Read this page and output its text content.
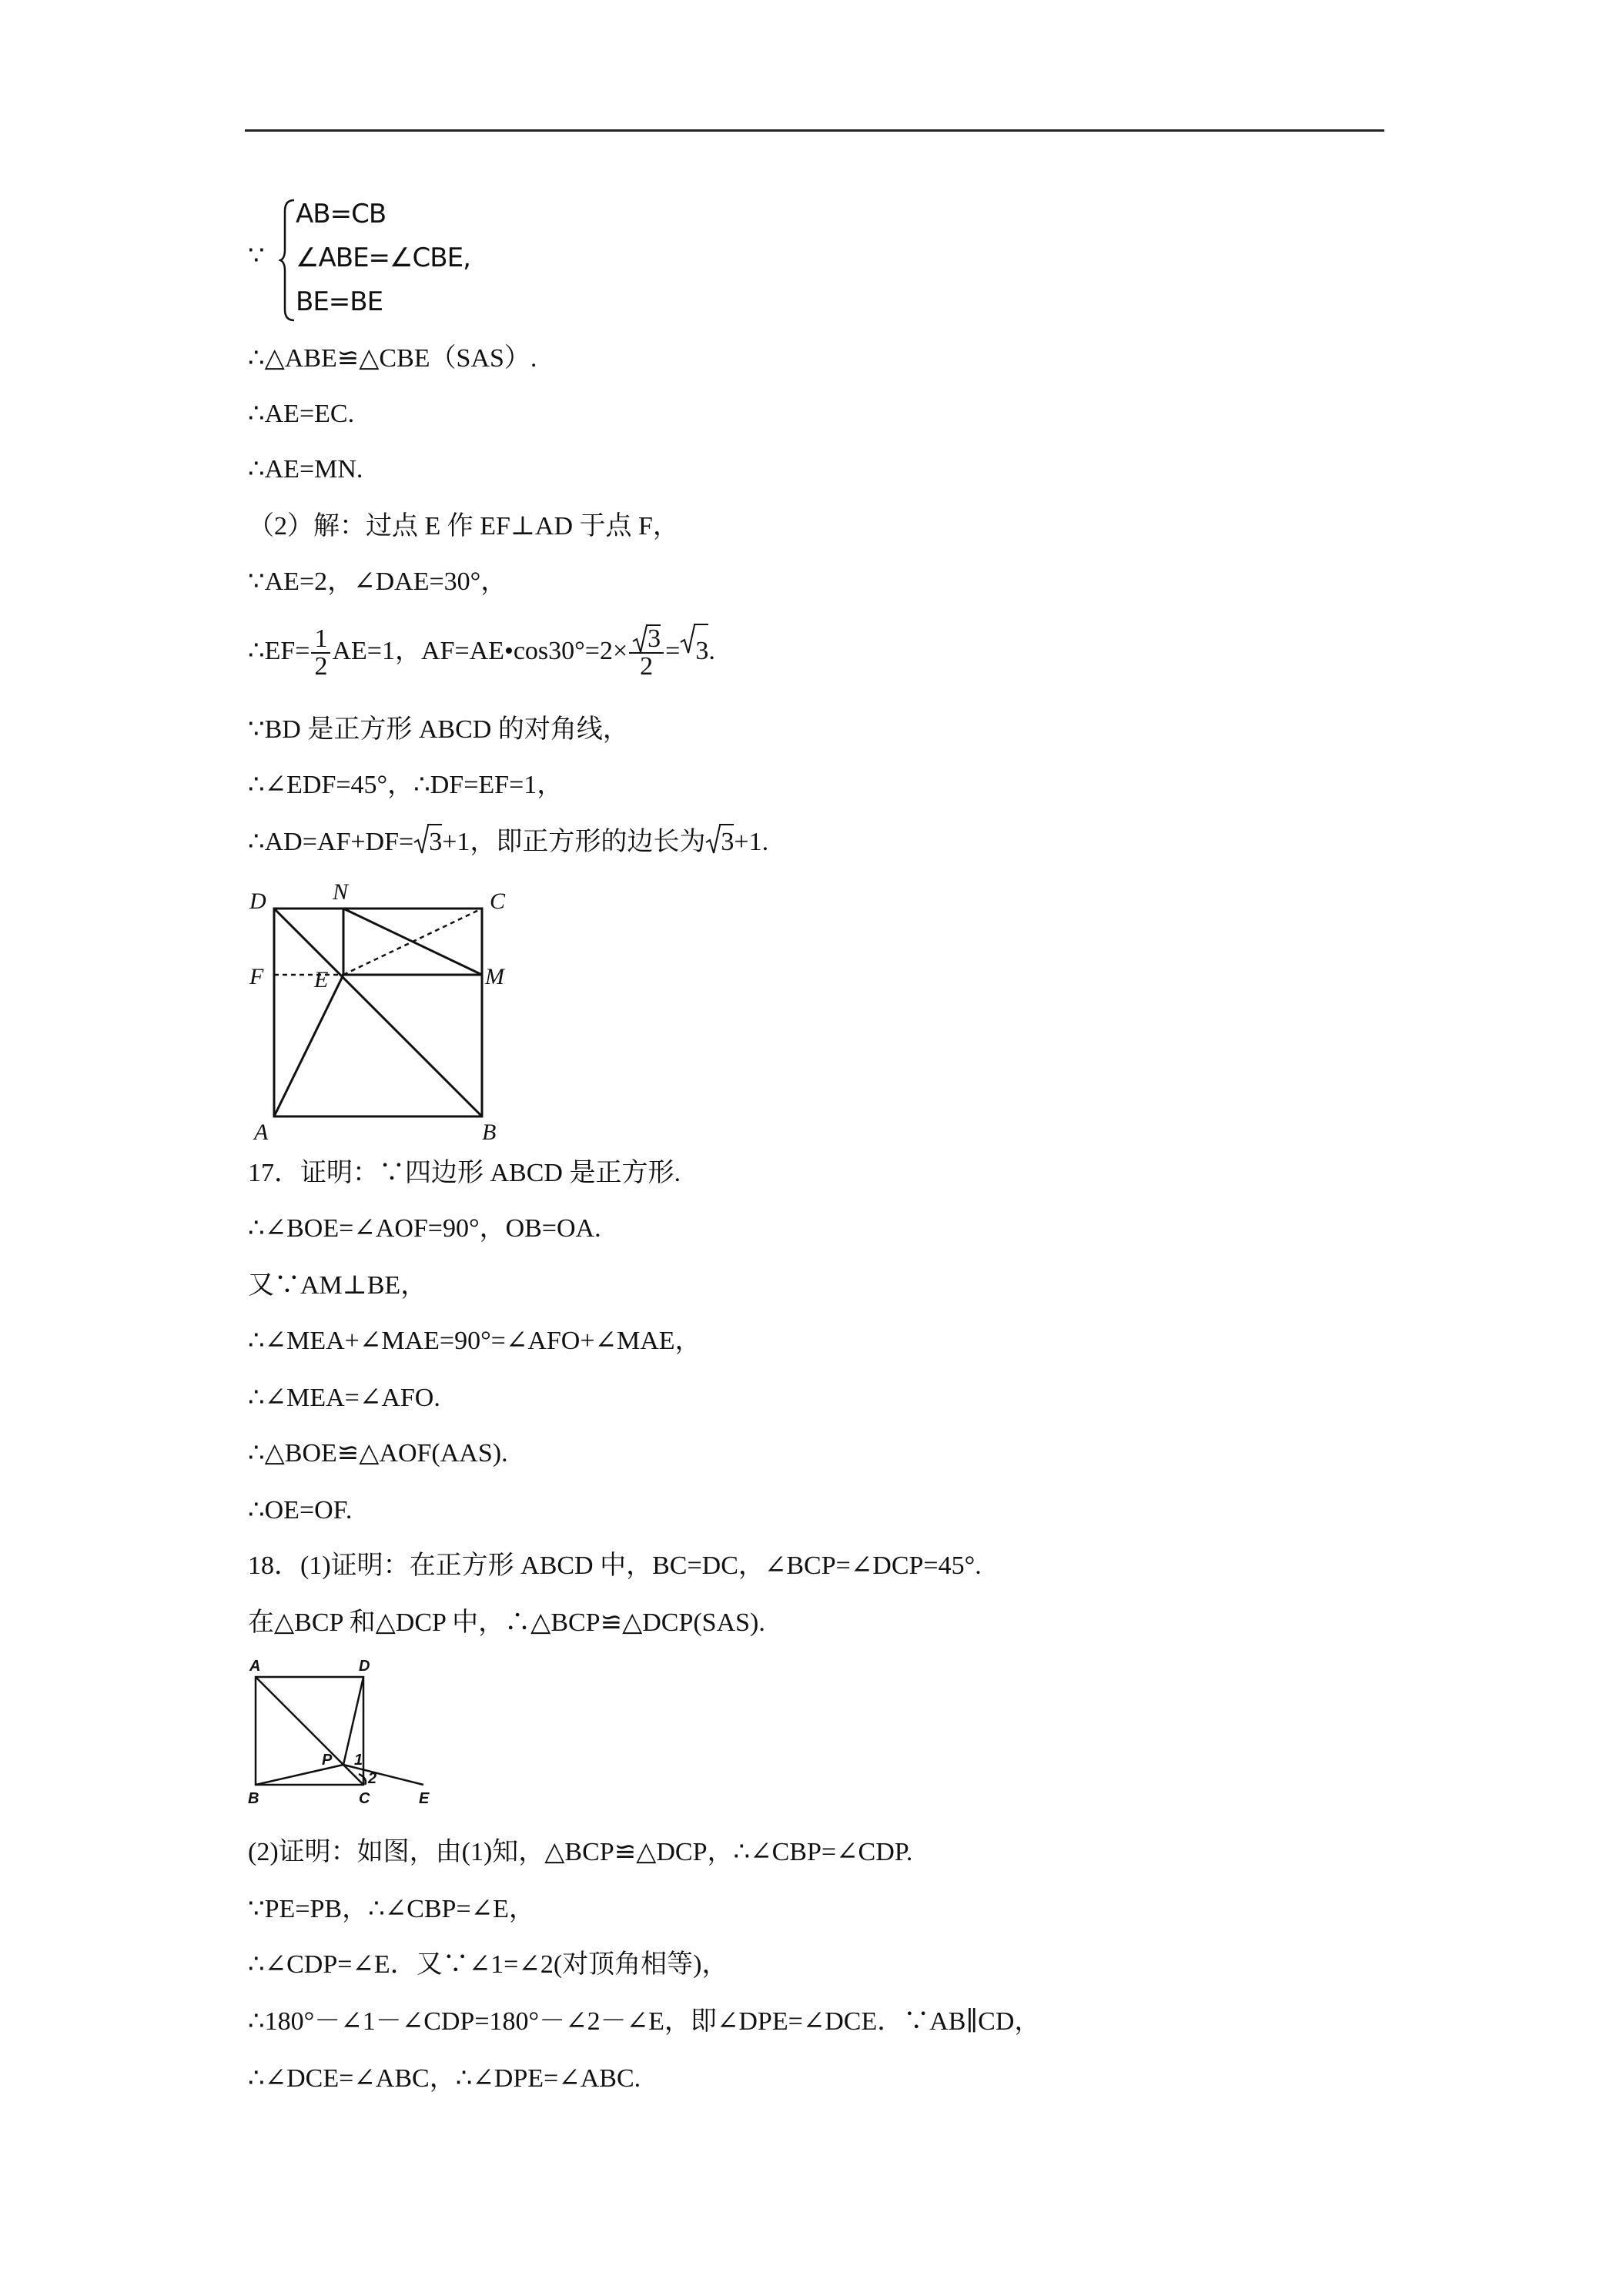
∵
AB=CB
∠ABE=∠CBE,
BE=BE
∴△ABE≌△CBE（SAS）.
∴AE=EC.
∴AE=MN.
（2）解：过点 E 作 EF⊥AD 于点 F，
∵AE=2，∠DAE=30°，
∴EF= $\frac{1}{2} AE=1$，AF=AE•cos30°=2× $\frac{3}{2} = 3$.
∵BD 是正方形 ABCD 的对角线，
∴∠EDF=45°，∴DF=EF=1，
∴AD=AF+DF= 3+1，即正方形的边长为 3+1.
D	N	C
F E	M
A	B
17．证明：∵四边形 ABCD 是正方形.
∴∠BOE=∠AOF=90°，OB=OA.
又∵AM⊥BE，
∴∠MEA+∠MAE=90°=∠AFO+∠MAE，
∴∠MEA=∠AFO.
∴△BOE≌△AOF(AAS).
∴OE=OF.
18．(1)证明：在正方形 ABCD 中，BC=DC，∠BCP=∠DCP=45°.
在△BCP 和△DCP 中，∴△BCP≌△DCP(SAS).
A	D
P 1
2
B	C	E
(2)证明：如图，由(1)知，△BCP≌△DCP，∴∠CBP=∠CDP.
∵PE=PB，∴∠CBP=∠E，
∴∠CDP=∠E．又∵∠1=∠2(对顶角相等)，
∴180°－∠1－∠CDP=180°－∠2－∠E，即∠DPE=∠DCE．∵AB∥CD，
∴∠DCE=∠ABC，∴∠DPE=∠ABC.
